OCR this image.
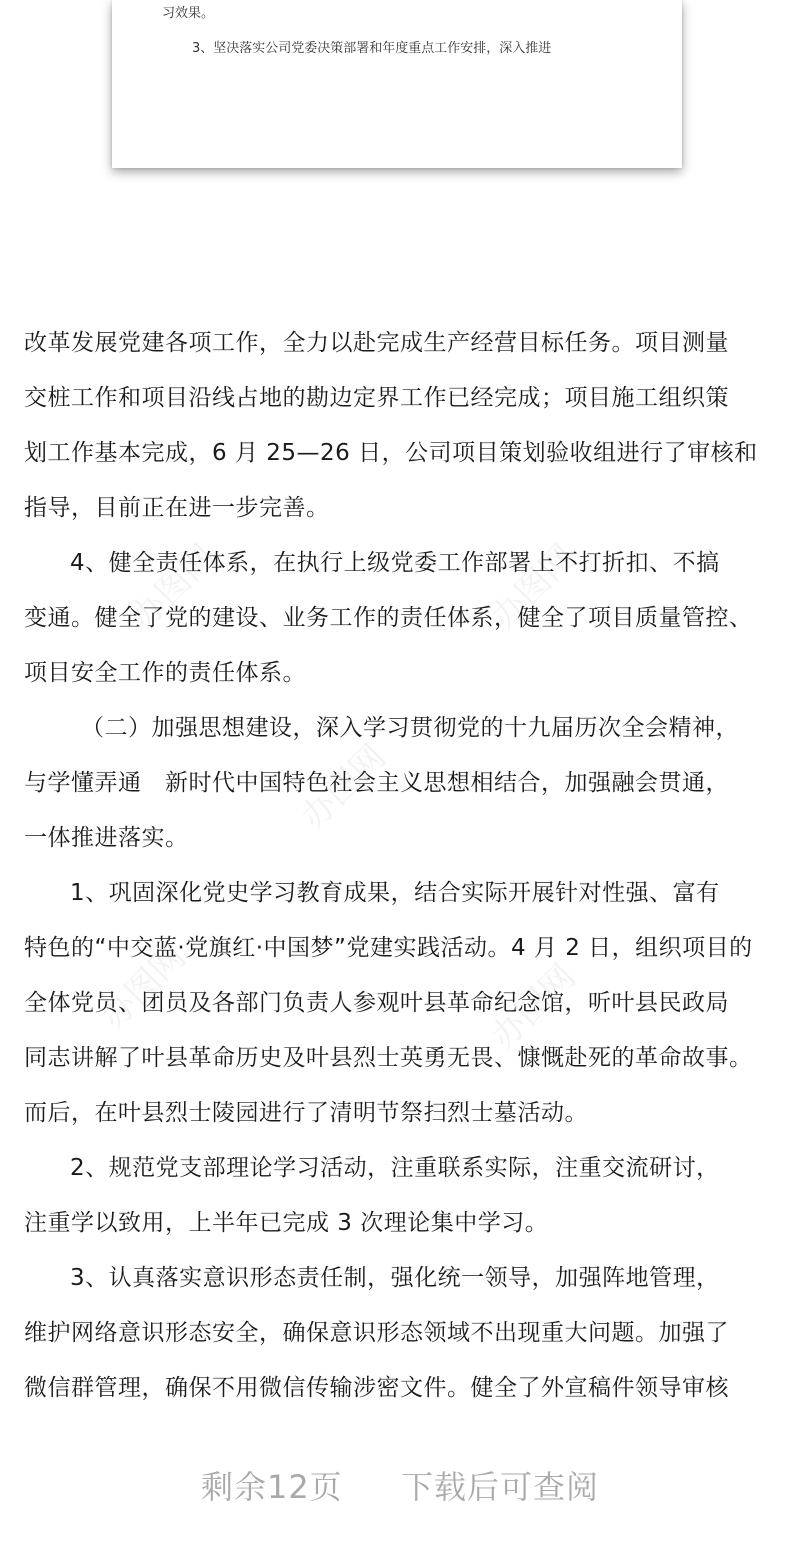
习效果。
3、坚决落实公司党委决策部署和年度重点工作安排，深入推进
办图网	办图网
办图网
办图网	办图网
改革发展党建各项工作，全力以赴完成生产经营目标任务。项目测量
交桩工作和项目沿线占地的勘边定界工作已经完成；项目施工组织策
划工作基本完成，6 月 25—26 日，公司项目策划验收组进行了审核和
指导，目前正在进一步完善。
4、健全责任体系，在执行上级党委工作部署上不打折扣、不搞
变通。健全了党的建设、业务工作的责任体系，健全了项目质量管控、
项目安全工作的责任体系。
（二）加强思想建设，深入学习贯彻党的十九届历次全会精神，
与学懂弄通　新时代中国特色社会主义思想相结合，加强融会贯通，
一体推进落实。
1、巩固深化党史学习教育成果，结合实际开展针对性强、富有
特色的“中交蓝·党旗红·中国梦”党建实践活动。4 月 2 日，组织项目的
全体党员、团员及各部门负责人参观叶县革命纪念馆，听叶县民政局
同志讲解了叶县革命历史及叶县烈士英勇无畏、慷慨赴死的革命故事。
而后，在叶县烈士陵园进行了清明节祭扫烈士墓活动。
2、规范党支部理论学习活动，注重联系实际，注重交流研讨，
注重学以致用，上半年已完成 3 次理论集中学习。
3、认真落实意识形态责任制，强化统一领导，加强阵地管理，
维护网络意识形态安全，确保意识形态领域不出现重大问题。加强了
微信群管理，确保不用微信传输涉密文件。健全了外宣稿件领导审核
剩余12页 下载后可查阅
